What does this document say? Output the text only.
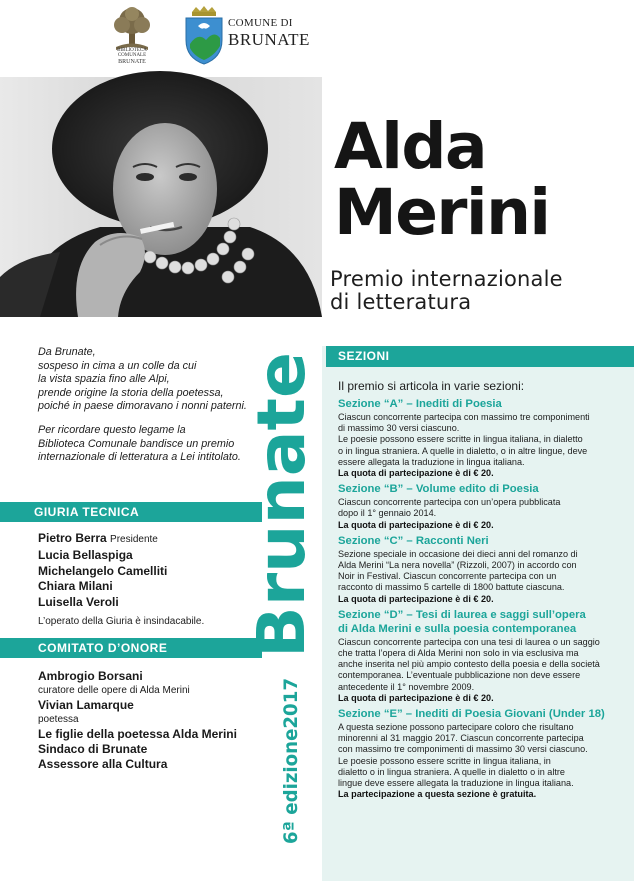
BIBLIOTECA COMUNALE
BRUNATE
COMUNE DI
BRUNATE
Alda
Merini
Premio internazionale
di letteratura

Da Brunate,
sospeso in cima a un colle da cui
la vista spazia fino alle Alpi,
prende origine la storia della poetessa,
poiché in paese dimoravano i nonni paterni.

Per ricordare questo legame la
Biblioteca Comunale bandisce un premio
internazionale di letteratura a Lei intitolato.

GIURIA TECNICA
Pietro Berra Presidente
Lucia Bellaspiga
Michelangelo Camelliti
Chiara Milani
Luisella Veroli
L’operato della Giuria è insindacabile.
COMITATO D’ONORE
Ambrogio Borsani
curatore delle opere di Alda Merini
Vivian Lamarque
poetessa
Le figlie della poetessa Alda Merini
Sindaco di Brunate
Assessore alla Cultura
Brunate
6ª edizione2017
SEZIONI
Il premio si articola in varie sezioni:
Sezione “A” – Inediti di Poesia
Ciascun concorrente partecipa con massimo tre componimenti
di massimo 30 versi ciascuno.
Le poesie possono essere scritte in lingua italiana, in dialetto
o in lingua straniera. A quelle in dialetto, o in altre lingue, deve
essere allegata la traduzione in lingua italiana.
La quota di partecipazione è di € 20.
Sezione “B” – Volume edito di Poesia
Ciascun concorrente partecipa con un’opera pubblicata
dopo il 1° gennaio 2014.
La quota di partecipazione è di € 20.
Sezione “C” – Racconti Neri
Sezione speciale in occasione dei dieci anni del romanzo di
Alda Merini “La nera novella” (Rizzoli, 2007) in accordo con
Noir in Festival. Ciascun concorrente partecipa con un
racconto di massimo 5 cartelle di 1800 battute ciascuna.
La quota di partecipazione è di € 20.
Sezione “D” – Tesi di laurea e saggi sull’opera
di Alda Merini e sulla poesia contemporanea
Ciascun concorrente partecipa con una tesi di laurea o un saggio
che tratta l’opera di Alda Merini non solo in via esclusiva ma
anche inserita nel più ampio contesto della poesia e della società
contemporanea. L’eventuale pubblicazione non deve essere
antecedente il 1° novembre 2009.
La quota di partecipazione è di € 20.
Sezione “E” – Inediti di Poesia Giovani (Under 18)
A questa sezione possono partecipare coloro che risultano
minorenni al 31 maggio 2017. Ciascun concorrente partecipa
con massimo tre componimenti di massimo 30 versi ciascuno.
Le poesie possono essere scritte in lingua italiana, in
dialetto o in lingua straniera. A quelle in dialetto o in altre
lingue deve essere allegata la traduzione in lingua italiana.
La partecipazione a questa sezione è gratuita.
